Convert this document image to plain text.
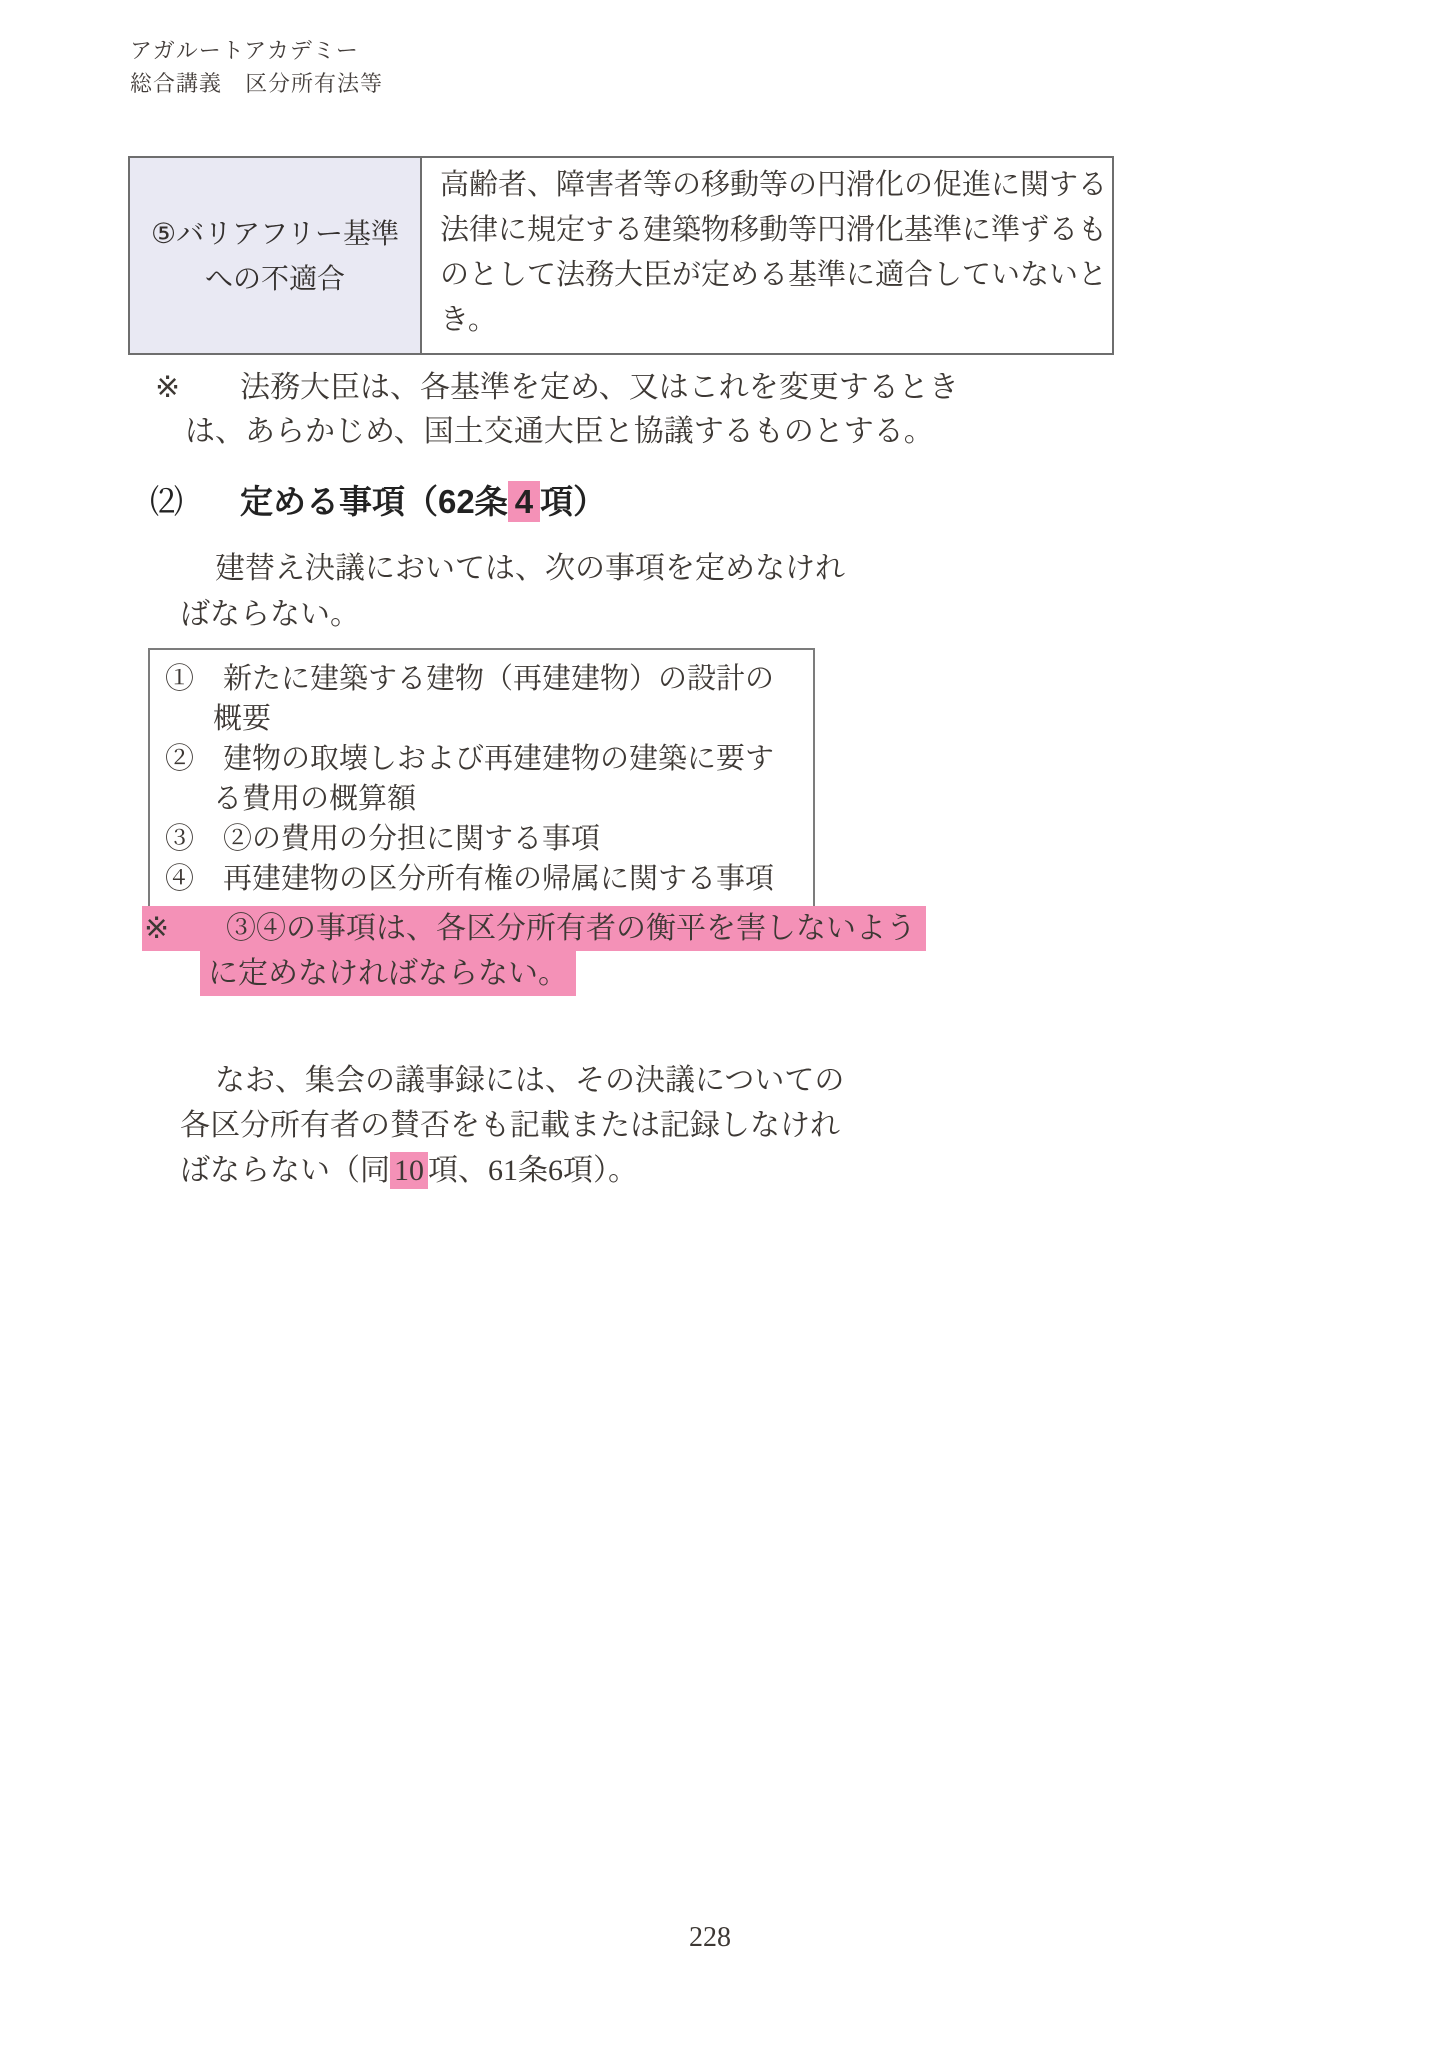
アガルートアカデミー
総合講義　区分所有法等
⑤バリアフリー基準
への不適合
高齢者、障害者等の移動等の円滑化の促進に関する
法律に規定する建築物移動等円滑化基準に準ずるも
のとして法務大臣が定める基準に適合していないと
き。
※ 法務大臣は、各基準を定め、又はこれを変更するとき
は、あらかじめ、国土交通大臣と協議するものとする。
⑵ 定める事項（62条 4 項）
建替え決議においては、次の事項を定めなけれ
ばならない。
①　新たに建築する建物（再建建物）の設計の
概要
②　建物の取壊しおよび再建建物の建築に要す
る費用の概算額
③　②の費用の分担に関する事項
④　再建建物の区分所有権の帰属に関する事項
※ ③④の事項は、各区分所有者の衡平を害しないよう
に定めなければならない。
なお、集会の議事録には、その決議についての
各区分所有者の賛否をも記載または記録しなけれ
ばならない（同 10 項、61条6項）。
228
